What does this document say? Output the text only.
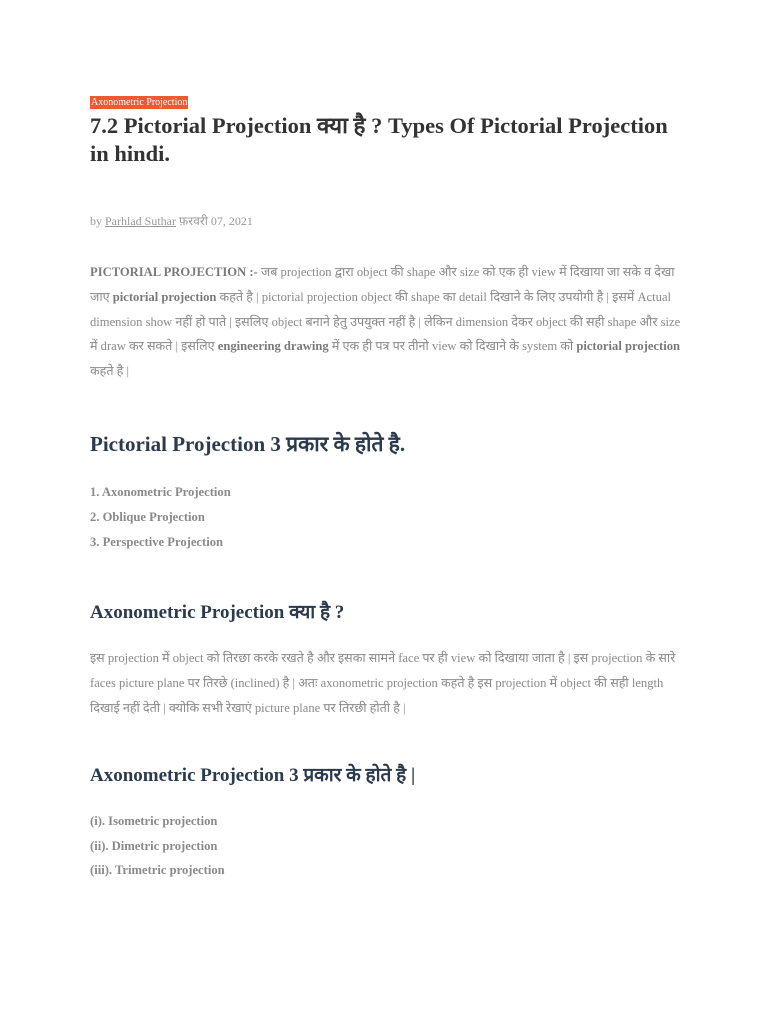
Axonometric Projection
7.2 Pictorial Projection क्या है ? Types Of Pictorial Projection in hindi.
by Parhlad Suthar फ़रवरी 07, 2021

PICTORIAL PROJECTION :- जब projection द्वारा object की shape और size को एक ही view में दिखाया जा सके व देखा जाए pictorial projection कहते है | pictorial projection object की shape का detail दिखाने के लिए उपयोगी है | इसमें Actual dimension show नहीं हो पाते | इसलिए object बनाने हेतु उपयुक्त नहीं है | लेकिन dimension देकर object की सही shape और size में draw कर सकते | इसलिए engineering drawing में एक ही पत्र पर तीनो view को दिखाने के system को pictorial projection कहते है |

Pictorial Projection 3 प्रकार के होते है.
1. Axonometric Projection
2. Oblique Projection
3. Perspective Projection
Axonometric Projection क्या है ?

इस projection में object को तिरछा करके रखते है और इसका सामने face पर ही view को दिखाया जाता है | इस projection के सारे faces picture plane पर तिरछे (inclined) है | अतः axonometric projection कहते है इस projection में object की सही length दिखाई नहीं देती | क्योकि सभी रेखाएं picture plane पर तिरछी होती है |

Axonometric Projection 3 प्रकार के होते है |
(i). Isometric projection
(ii). Dimetric projection
(iii). Trimetric projection
